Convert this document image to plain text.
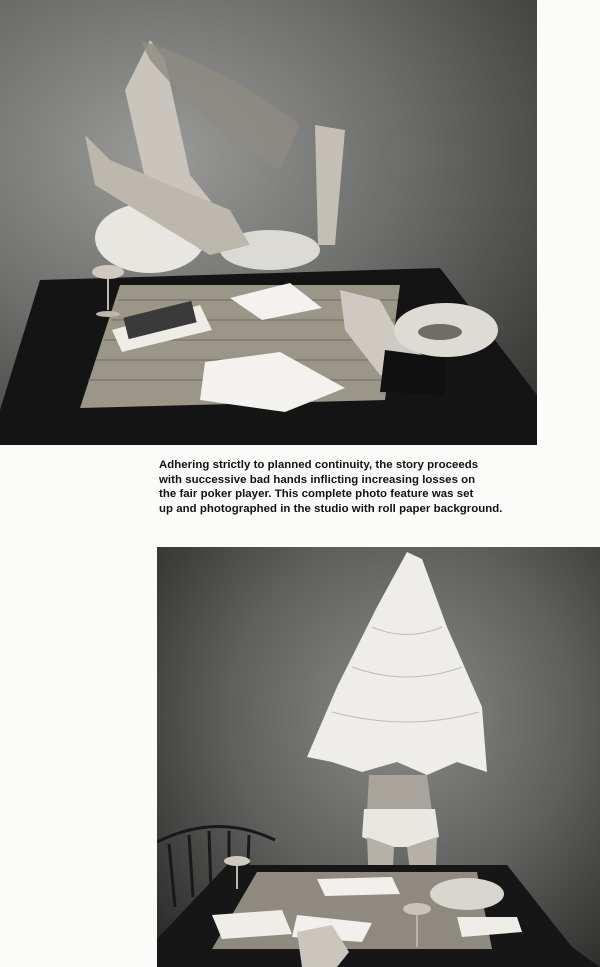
Adhering strictly to planned continuity, the story proceeds
with successive bad hands inflicting increasing losses on
the fair poker player. This complete photo feature was set
up and photographed in the studio with roll paper background.
